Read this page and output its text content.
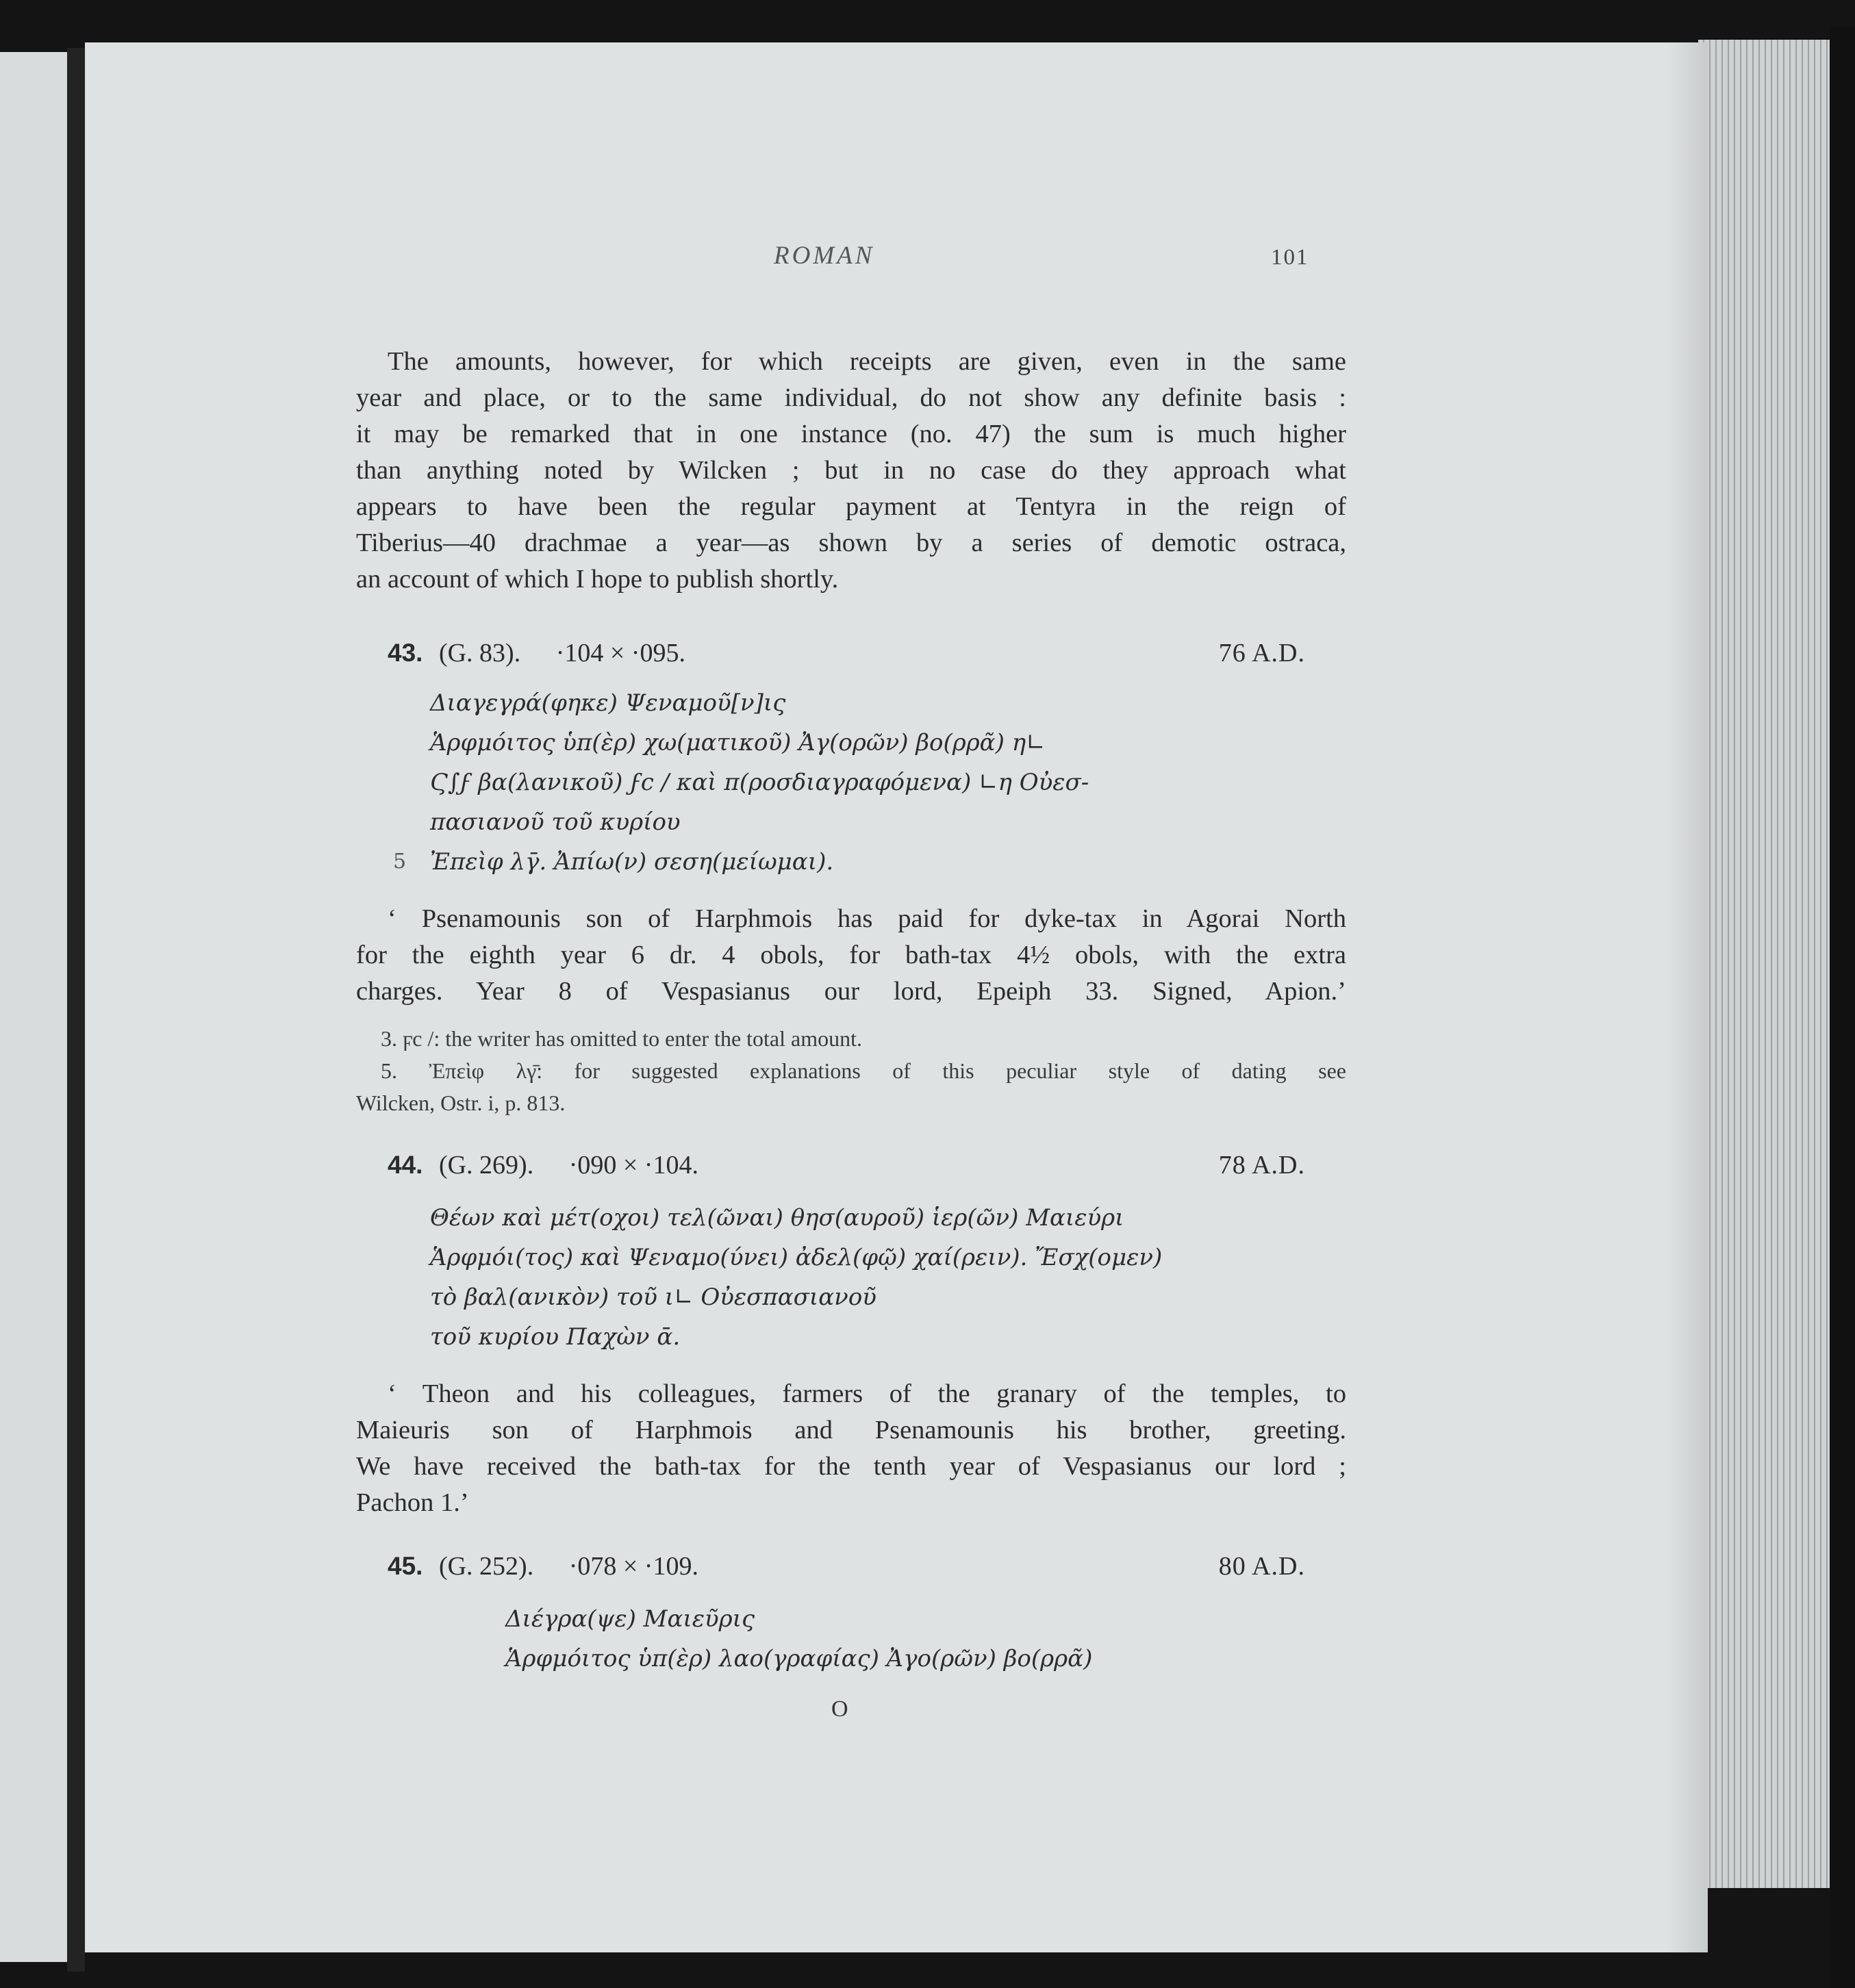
ROMAN	101
The amounts, however, for which receipts are given, even in the same
year and place, or to the same individual, do not show any definite basis :
it may be remarked that in one instance (no. 47) the sum is much higher
than anything noted by Wilcken ; but in no case do they approach what
appears to have been the regular payment at Tentyra in the reign of
Tiberius—40 drachmae a year—as shown by a series of demotic ostraca,
an account of which I hope to publish shortly.
43. (G. 83). ·104 × ·095.	76 A.D.
Διαγεγρά(φηκε) Ψεναμοῦ[ν]ις
Ἁρφμόιτος ὑπ(ὲρ) χω(ματικοῦ) Ἀγ(ορῶν) βο(ρρᾶ) η∟
Ϛ∫ϝ βα(λανικοῦ) ϝc / καὶ π(ροσδιαγραφόμενα) ∟η Οὐεσ-
πασιανοῦ τοῦ κυρίου
5 Ἐπεὶφ λγ̄. Ἀπίω(ν) σεση(μείωμαι).
‘ Psenamounis son of Harphmois has paid for dyke-tax in Agorai North
for the eighth year 6 dr. 4 obols, for bath-tax 4½ obols, with the extra
charges. Year 8 of Vespasianus our lord, Epeiph 33. Signed, Apion.’
3. ϝc /: the writer has omitted to enter the total amount.
5. Ἐπεὶφ λγ̄: for suggested explanations of this peculiar style of dating see
Wilcken, Ostr. i, p. 813.
44. (G. 269). ·090 × ·104.	78 A.D.
Θέων καὶ μέτ(οχοι) τελ(ῶναι) θησ(αυροῦ) ἱερ(ῶν) Μαιεύρι
Ἁρφμόι(τος) καὶ Ψεναμο(ύνει) ἀδελ(φῷ) χαί(ρειν). Ἔσχ(ομεν)
τὸ βαλ(ανικὸν) τοῦ ι∟ Οὐεσπασιανοῦ
τοῦ κυρίου Παχὼν ᾱ.
‘ Theon and his colleagues, farmers of the granary of the temples, to
Maieuris son of Harphmois and Psenamounis his brother, greeting.
We have received the bath-tax for the tenth year of Vespasianus our lord ;
Pachon 1.’
45. (G. 252). ·078 × ·109.	80 A.D.
Διέγρα(ψε) Μαιεῦρις
Ἁρφμόιτος ὑπ(ὲρ) λαο(γραφίας) Ἀγο(ρῶν) βο(ρρᾶ)
O
